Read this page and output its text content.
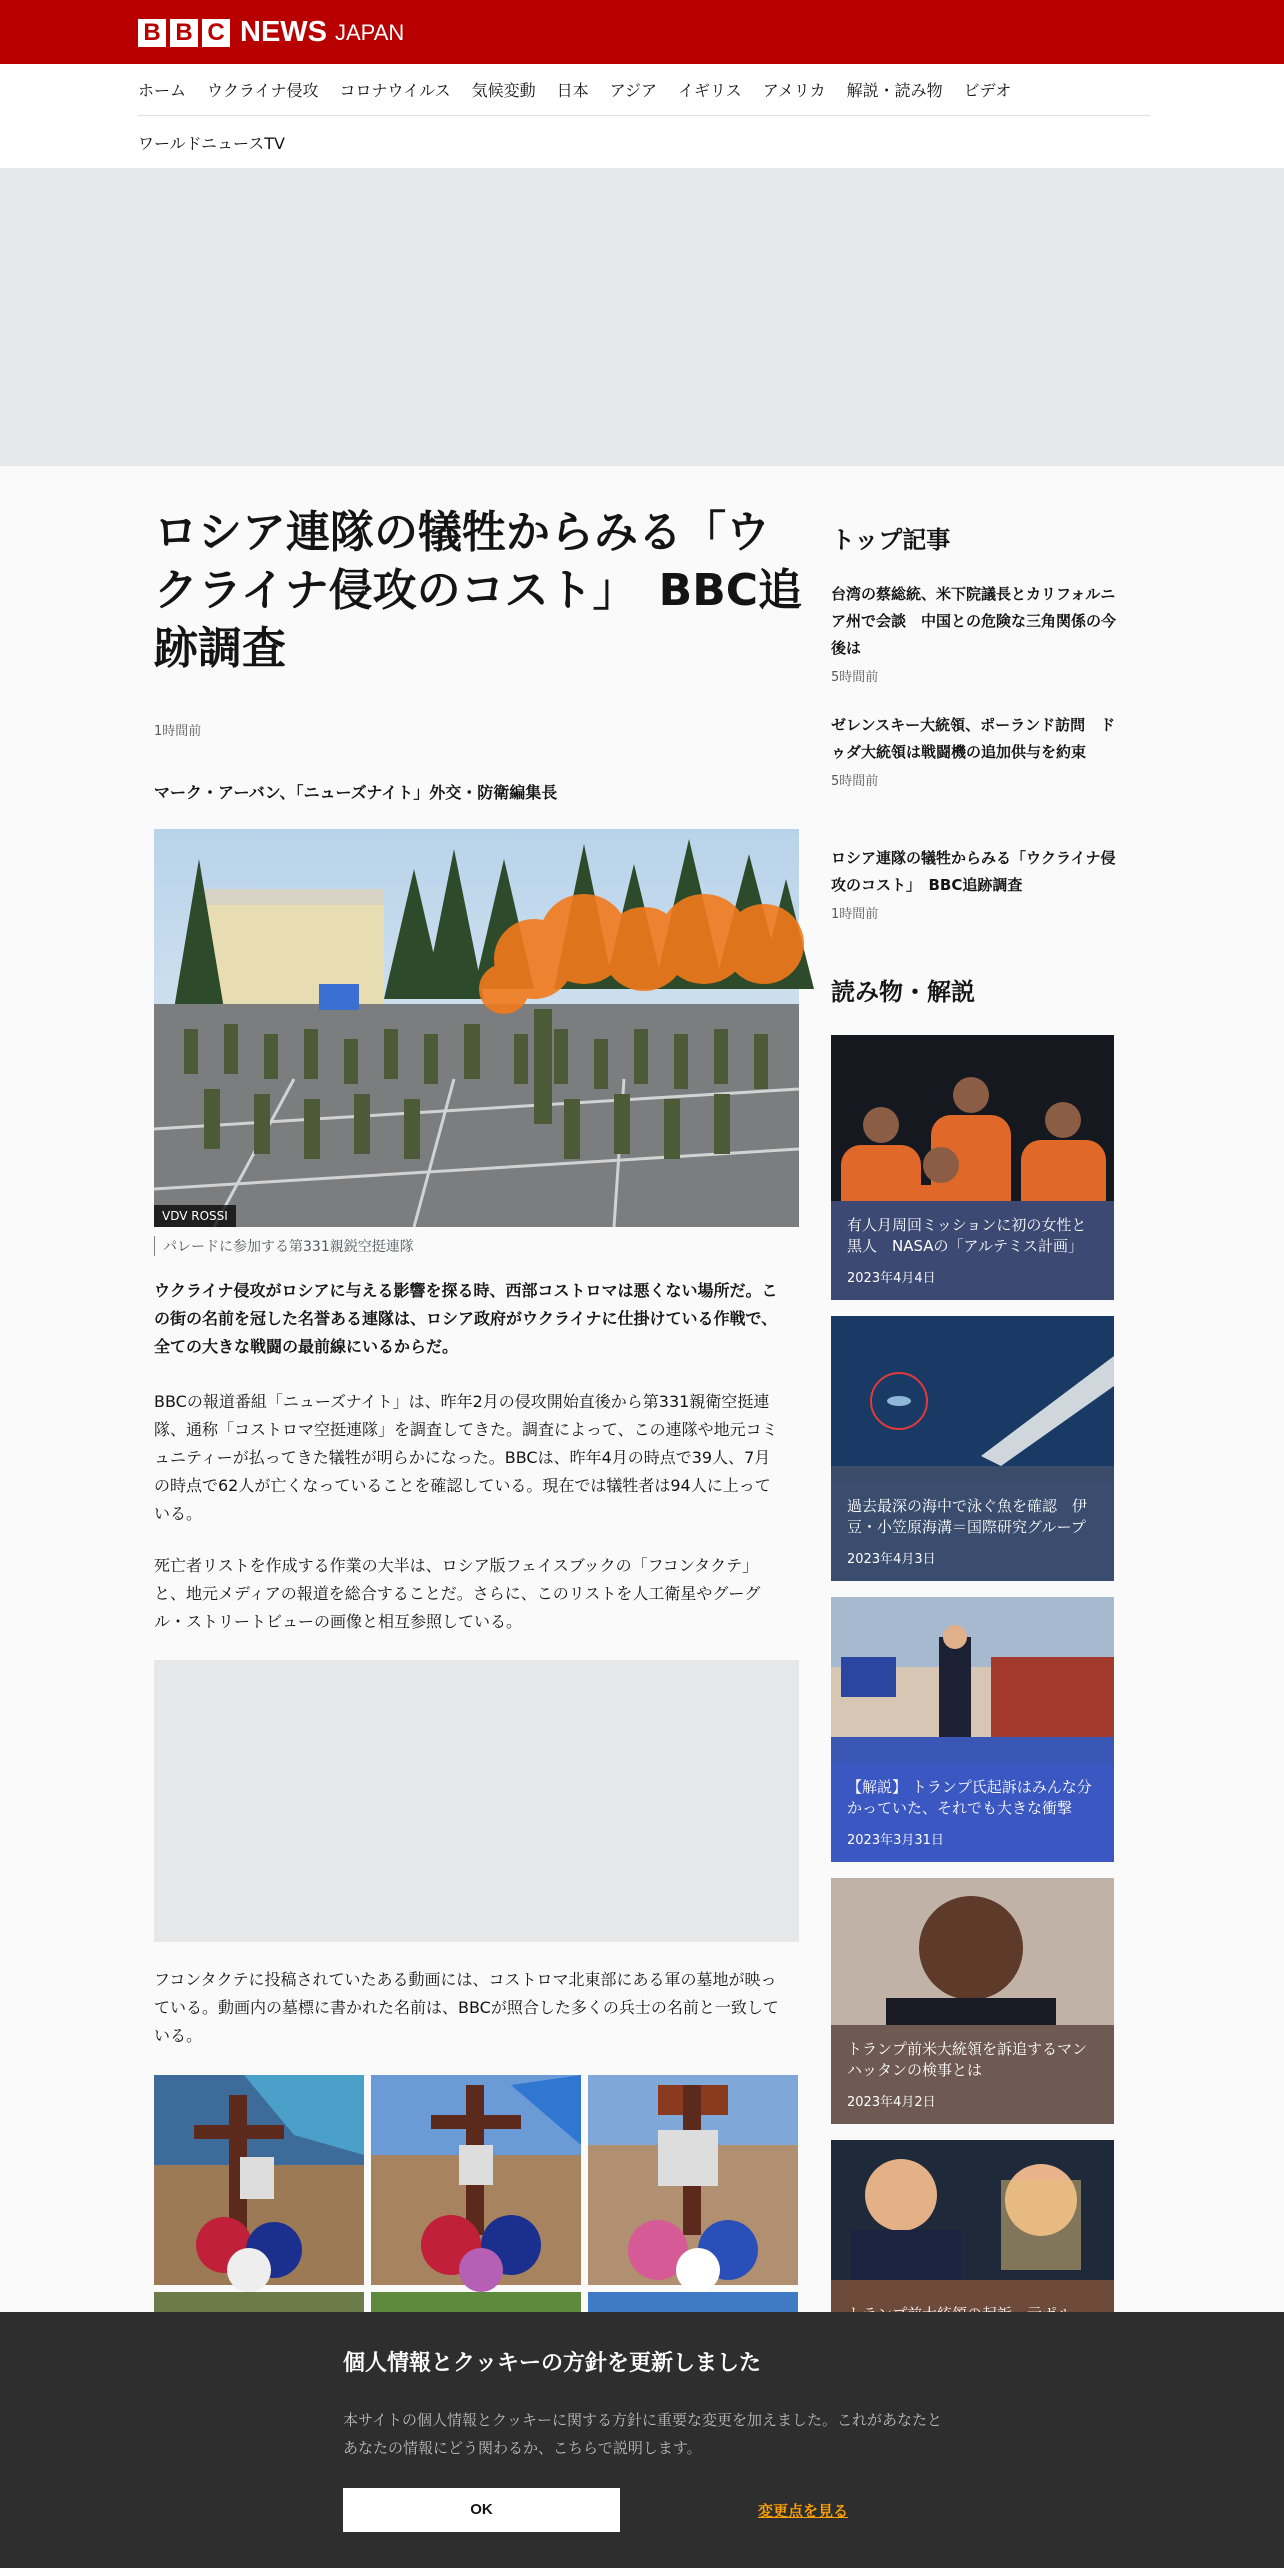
B B C NEWS JAPAN
ホーム ウクライナ侵攻 コロナウイルス 気候変動 日本 アジア イギリス アメリカ 解説・読み物 ビデオ
ワールドニュースTV
ロシア連隊の犠牲からみる「ウクライナ侵攻のコスト」　BBC追跡調査
1時間前
マーク・アーバン、「ニューズナイト」外交・防衛編集長
VDV ROSSI
パレードに参加する第331親鋭空挺連隊

ウクライナ侵攻がロシアに与える影響を探る時、西部コストロマは悪くない場所だ。この街の名前を冠した名誉ある連隊は、ロシア政府がウクライナに仕掛けている作戦で、全ての大きな戦闘の最前線にいるからだ。

BBCの報道番組「ニューズナイト」は、昨年2月の侵攻開始直後から第331親衛空挺連隊、通称「コストロマ空挺連隊」を調査してきた。調査によって、この連隊や地元コミュニティーが払ってきた犠牲が明らかになった。BBCは、昨年4月の時点で39人、7月の時点で62人が亡くなっていることを確認している。現在では犠牲者は94人に上っている。

死亡者リストを作成する作業の大半は、ロシア版フェイスブックの「フコンタクテ」と、地元メディアの報道を総合することだ。さらに、このリストを人工衛星やグーグル・ストリートビューの画像と相互参照している。

フコンタクテに投稿されていたある動画には、コストロマ北東部にある軍の墓地が映っている。動画内の墓標に書かれた名前は、BBCが照合した多くの兵士の名前と一致している。

トップ記事
台湾の蔡総統、米下院議長とカリフォルニア州で会談　中国との危険な三角関係の今後は
5時間前
ゼレンスキー大統領、ポーランド訪問　ドゥダ大統領は戦闘機の追加供与を約束
5時間前
ロシア連隊の犠牲からみる「ウクライナ侵攻のコスト」　BBC追跡調査
1時間前
読み物・解説
有人月周回ミッションに初の女性と黒人　NASAの「アルテミス計画」
2023年4月4日
過去最深の海中で泳ぐ魚を確認　伊豆・小笠原海溝＝国際研究グループ
2023年4月3日
【解説】 トランプ氏起訴はみんな分かっていた、それでも大きな衝撃
2023年3月31日
トランプ前米大統領を訴追するマンハッタンの検事とは
2023年4月2日
個人情報とクッキーの方針を更新しました

本サイトの個人情報とクッキーに関する方針に重要な変更を加えました。これがあなたとあなたの情報にどう関わるか、こちらで説明します。

OK	変更点を見る
